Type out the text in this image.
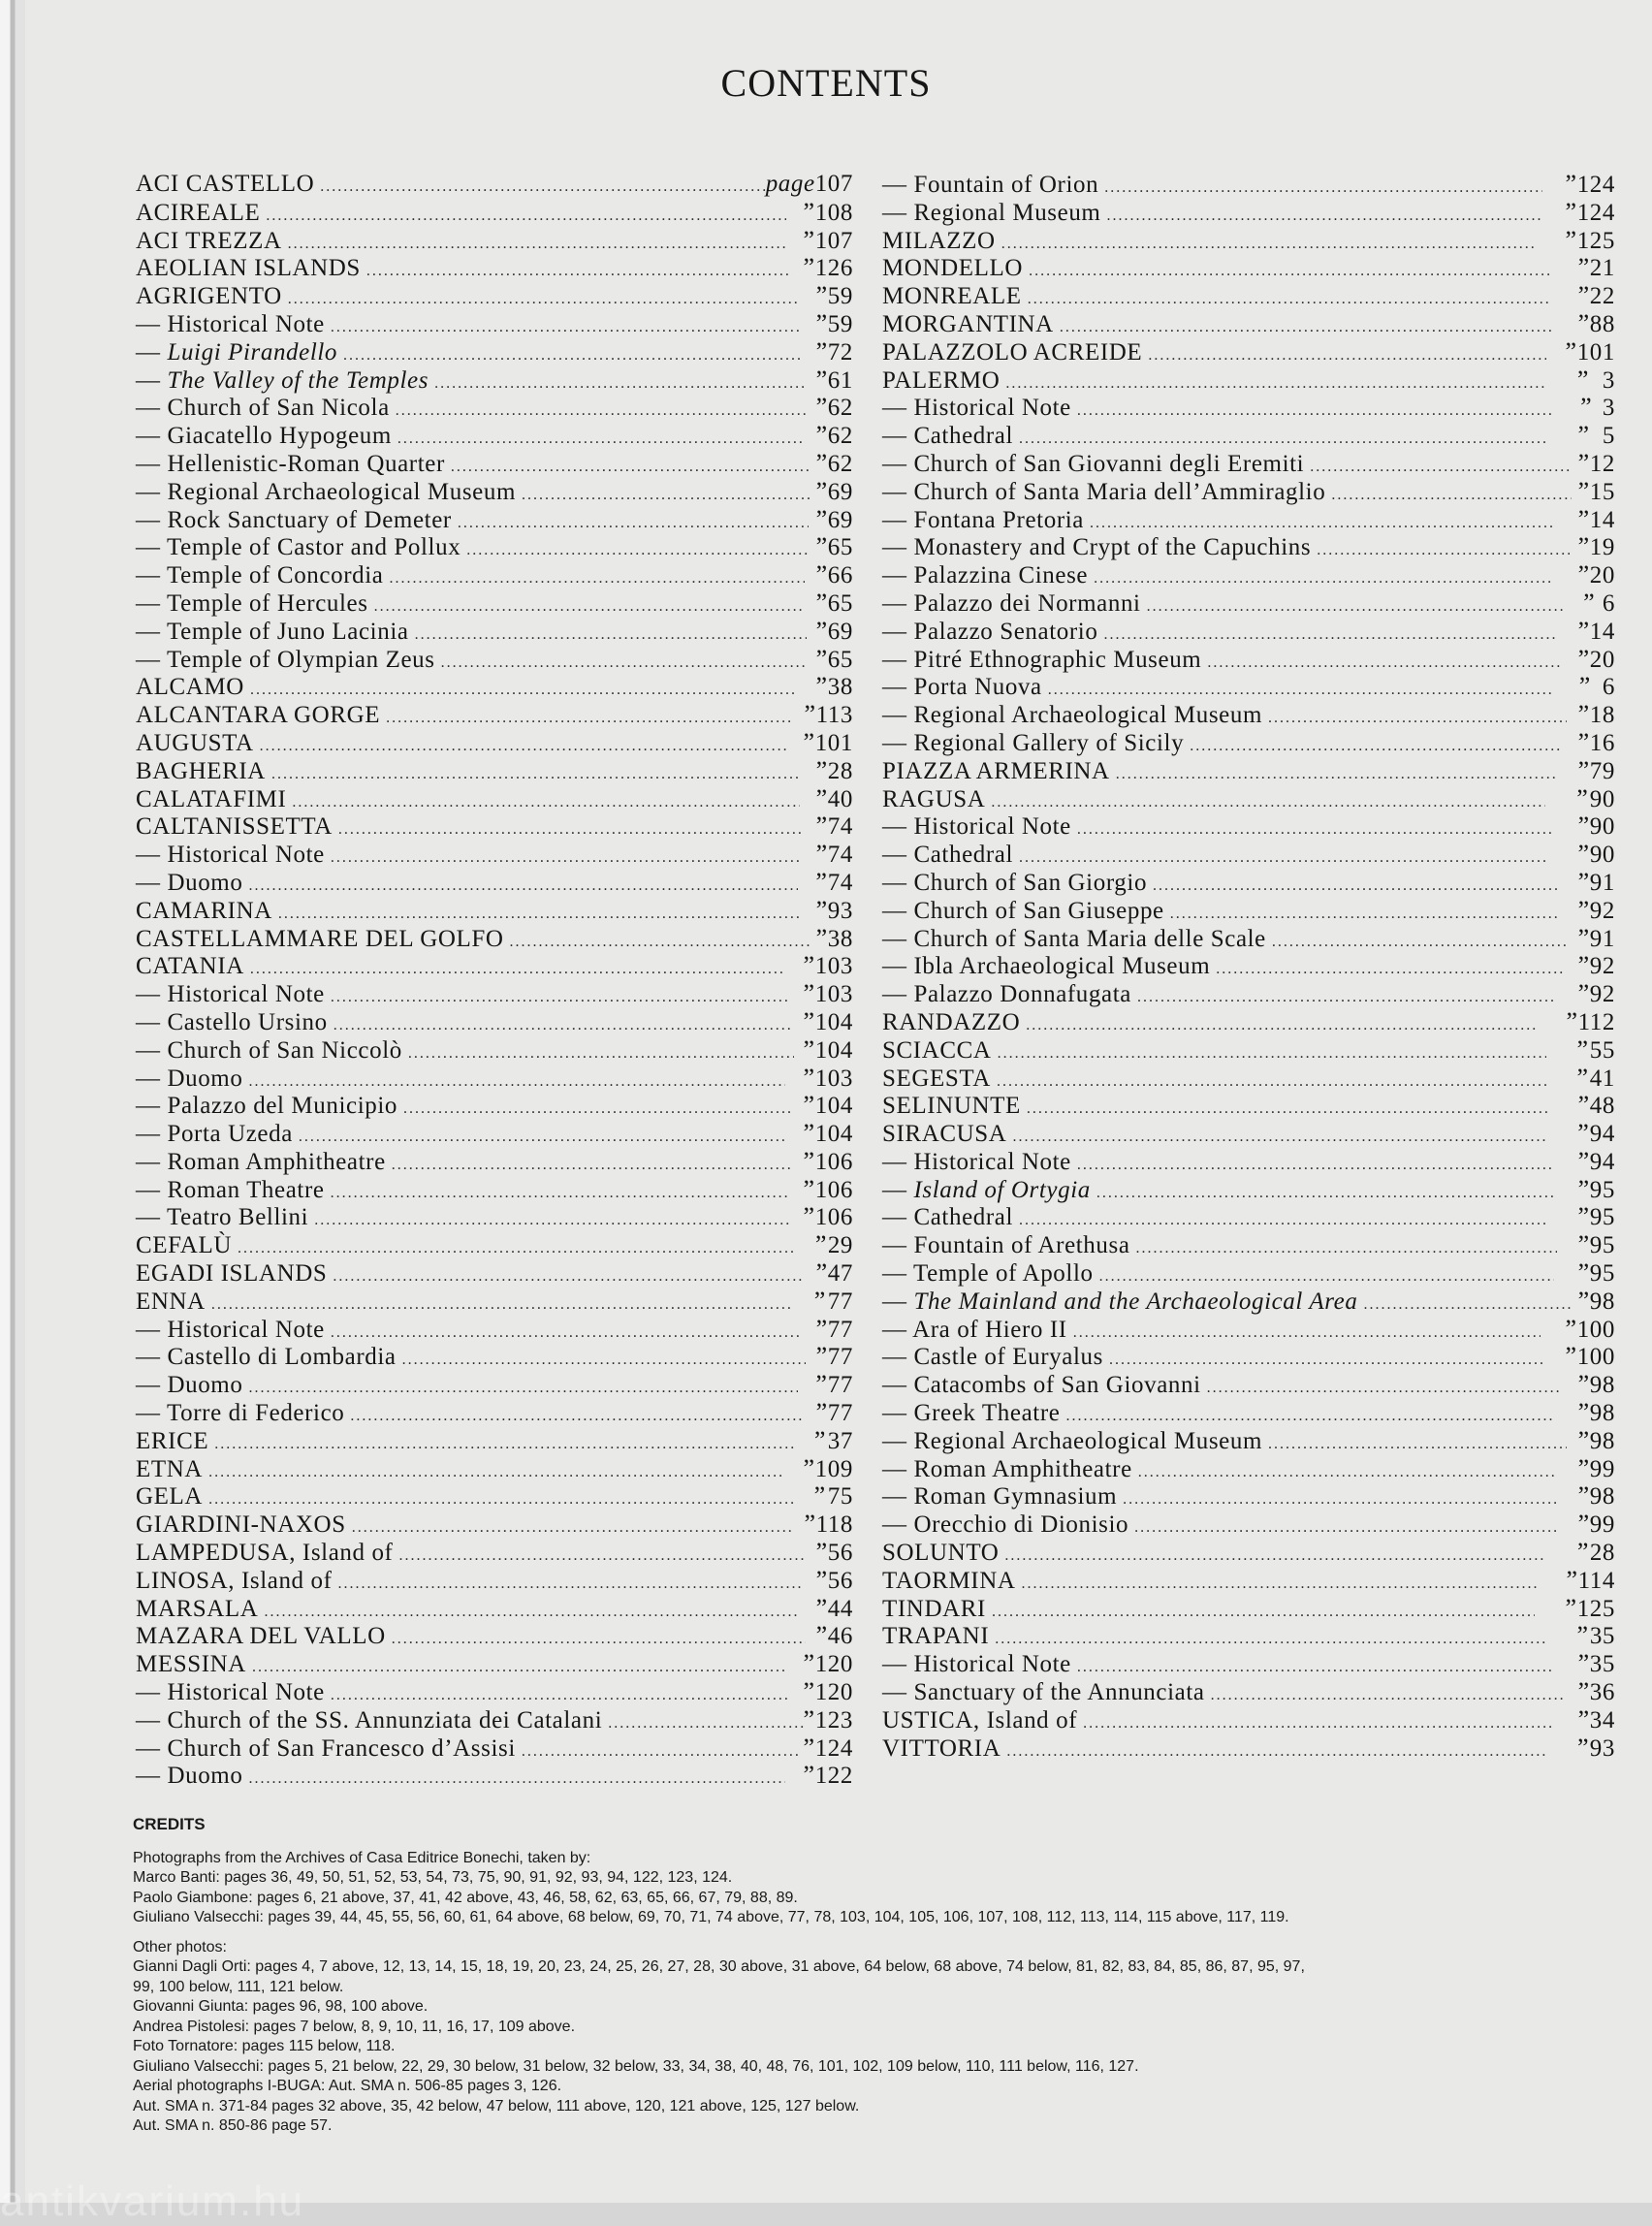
CONTENTS
ACI CASTELLO .....	page 107
ACIREALE .....	” 108
ACI TREZZA .....	” 107
AEOLIAN ISLANDS .....	” 126
AGRIGENTO .....	” 59
— Historical Note .....	” 59
— Luigi Pirandello .....	” 72
— The Valley of the Temples .....	” 61
— Church of San Nicola .....	” 62
— Giacatello Hypogeum .....	” 62
— Hellenistic-Roman Quarter .....	” 62
— Regional Archaeological Museum .....	” 69
— Rock Sanctuary of Demeter .....	” 69
— Temple of Castor and Pollux .....	” 65
— Temple of Concordia .....	” 66
— Temple of Hercules .....	” 65
— Temple of Juno Lacinia .....	” 69
— Temple of Olympian Zeus .....	” 65
ALCAMO .....	” 38
ALCANTARA GORGE .....	” 113
AUGUSTA .....	” 101
BAGHERIA .....	” 28
CALATAFIMI .....	” 40
CALTANISSETTA .....	” 74
— Historical Note .....	” 74
— Duomo .....	” 74
CAMARINA .....	” 93
CASTELLAMMARE DEL GOLFO .....	” 38
CATANIA .....	” 103
— Historical Note .....	” 103
— Castello Ursino .....	” 104
— Church of San Niccolò .....	” 104
— Duomo .....	” 103
— Palazzo del Municipio .....	” 104
— Porta Uzeda .....	” 104
— Roman Amphitheatre .....	” 106
— Roman Theatre .....	” 106
— Teatro Bellini .....	” 106
CEFALÙ .....	” 29
EGADI ISLANDS .....	” 47
ENNA .....	” 77
— Historical Note .....	” 77
— Castello di Lombardia .....	” 77
— Duomo .....	” 77
— Torre di Federico .....	” 77
ERICE .....	” 37
ETNA .....	” 109
GELA .....	” 75
GIARDINI-NAXOS .....	” 118
LAMPEDUSA, Island of .....	” 56
LINOSA, Island of .....	” 56
MARSALA .....	” 44
MAZARA DEL VALLO .....	” 46
MESSINA .....	” 120
— Historical Note .....	” 120
— Church of the SS. Annunziata dei Catalani .....	” 123
— Church of San Francesco d’Assisi .....	” 124
— Duomo .....	” 122
— Fountain of Orion .....	” 124
— Regional Museum .....	” 124
MILAZZO .....	” 125
MONDELLO .....	” 21
MONREALE .....	” 22
MORGANTINA .....	” 88
PALAZZOLO ACREIDE .....	” 101
PALERMO .....	” 3
— Historical Note .....	” 3
— Cathedral .....	” 5
— Church of San Giovanni degli Eremiti .....	” 12
— Church of Santa Maria dell’Ammiraglio .....	” 15
— Fontana Pretoria .....	” 14
— Monastery and Crypt of the Capuchins .....	” 19
— Palazzina Cinese .....	” 20
— Palazzo dei Normanni .....	” 6
— Palazzo Senatorio .....	” 14
— Pitré Ethnographic Museum .....	” 20
— Porta Nuova .....	” 6
— Regional Archaeological Museum .....	” 18
— Regional Gallery of Sicily .....	” 16
PIAZZA ARMERINA .....	” 79
RAGUSA .....	” 90
— Historical Note .....	” 90
— Cathedral .....	” 90
— Church of San Giorgio .....	” 91
— Church of San Giuseppe .....	” 92
— Church of Santa Maria delle Scale .....	” 91
— Ibla Archaeological Museum .....	” 92
— Palazzo Donnafugata .....	” 92
RANDAZZO .....	” 112
SCIACCA .....	” 55
SEGESTA .....	” 41
SELINUNTE .....	” 48
SIRACUSA .....	” 94
— Historical Note .....	” 94
— Island of Ortygia .....	” 95
— Cathedral .....	” 95
— Fountain of Arethusa .....	” 95
— Temple of Apollo .....	” 95
— The Mainland and the Archaeological Area .....	” 98
— Ara of Hiero II .....	” 100
— Castle of Euryalus .....	” 100
— Catacombs of San Giovanni .....	” 98
— Greek Theatre .....	” 98
— Regional Archaeological Museum .....	” 98
— Roman Amphitheatre .....	” 99
— Roman Gymnasium .....	” 98
— Orecchio di Dionisio .....	” 99
SOLUNTO .....	” 28
TAORMINA .....	” 114
TINDARI .....	” 125
TRAPANI .....	” 35
— Historical Note .....	” 35
— Sanctuary of the Annunciata .....	” 36
USTICA, Island of .....	” 34
VITTORIA .....	” 93
CREDITS

Photographs from the Archives of Casa Editrice Bonechi, taken by:

Marco Banti: pages 36, 49, 50, 51, 52, 53, 54, 73, 75, 90, 91, 92, 93, 94, 122, 123, 124.

Paolo Giambone: pages 6, 21 above, 37, 41, 42 above, 43, 46, 58, 62, 63, 65, 66, 67, 79, 88, 89.

Giuliano Valsecchi: pages 39, 44, 45, 55, 56, 60, 61, 64 above, 68 below, 69, 70, 71, 74 above, 77, 78, 103, 104, 105, 106, 107, 108, 112, 113, 114, 115 above, 117, 119.

Other photos:

Gianni Dagli Orti: pages 4, 7 above, 12, 13, 14, 15, 18, 19, 20, 23, 24, 25, 26, 27, 28, 30 above, 31 above, 64 below, 68 above, 74 below, 81, 82, 83, 84, 85, 86, 87, 95, 97,

99, 100 below, 111, 121 below.

Giovanni Giunta: pages 96, 98, 100 above.

Andrea Pistolesi: pages 7 below, 8, 9, 10, 11, 16, 17, 109 above.

Foto Tornatore: pages 115 below, 118.

Giuliano Valsecchi: pages 5, 21 below, 22, 29, 30 below, 31 below, 32 below, 33, 34, 38, 40, 48, 76, 101, 102, 109 below, 110, 111 below, 116, 127.

Aerial photographs I-BUGA: Aut. SMA n. 506-85 pages 3, 126.

Aut. SMA n. 371-84 pages 32 above, 35, 42 below, 47 below, 111 above, 120, 121 above, 125, 127 below.

Aut. SMA n. 850-86 page 57.

antikvarium.hu
